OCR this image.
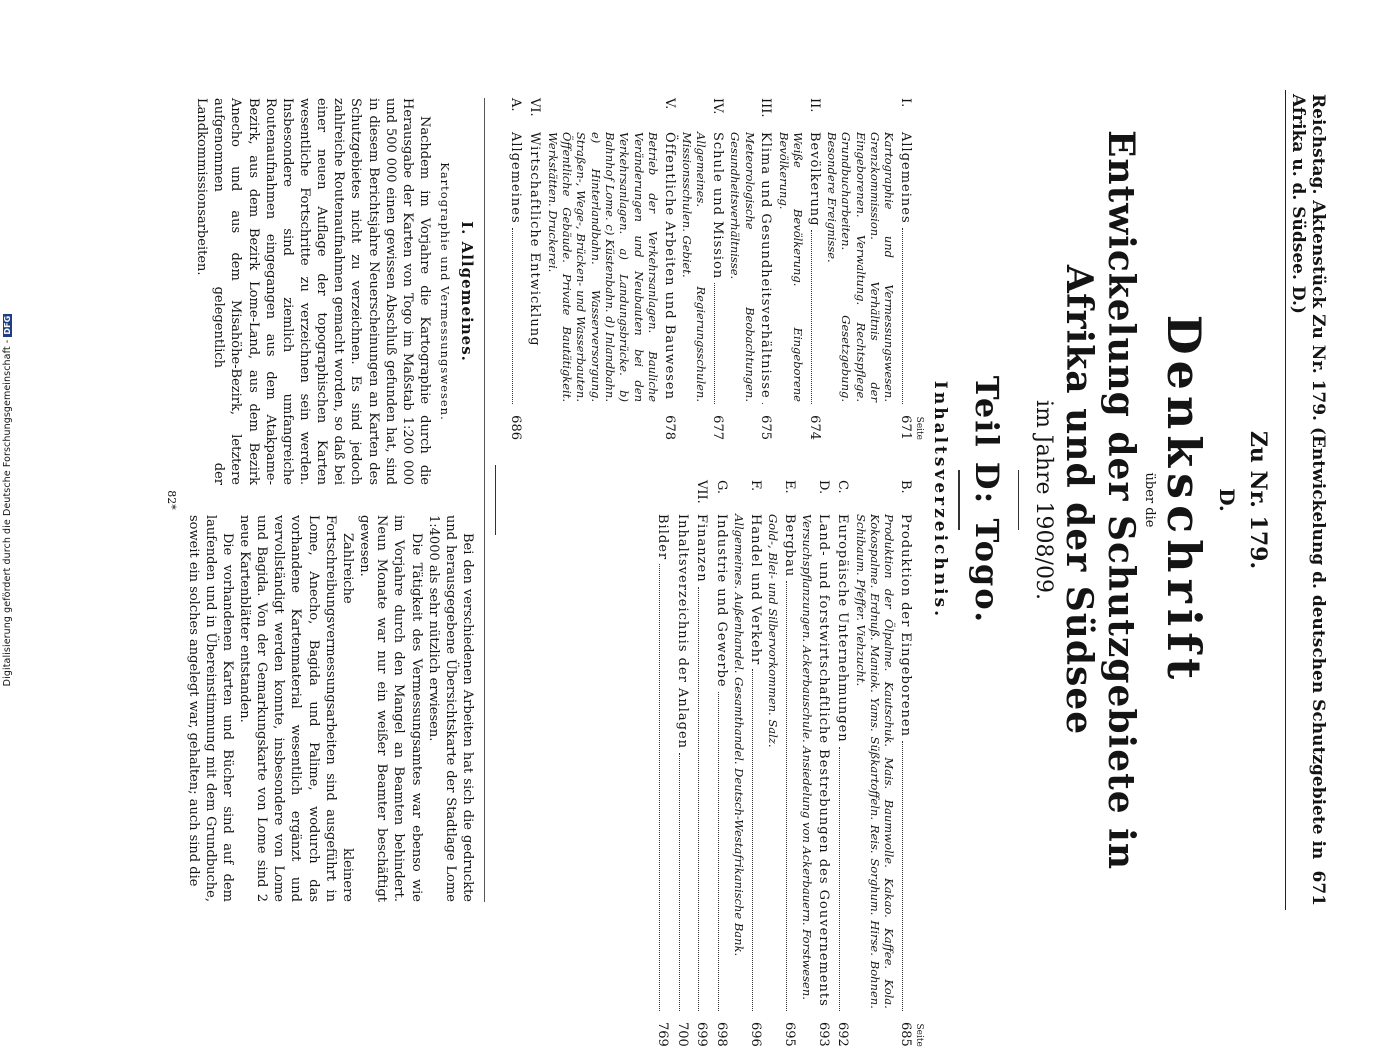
Digitalisierung gefördert durch die Deutsche Forschungsgemeinschaft -DFG	Reichstag. Aktenstück Zu Nr. 179. (Entwickelung d. deutschen Schutzgebiete in Afrika u. d. Südsee. D.)
671
Zu Nr. 179.
D.
Denkschrift
über die
Entwickelung der Schutzgebiete in Afrika und der Südsee
im Jahre 1908/09.
Teil D: Togo.
Inhaltsverzeichnis.
Seite
I.
Allgemeines
671
Kartographie und Vermessungswesen. Grenzkommission. Verhältnis der Eingeborenen. Verwaltung. Rechtspflege. Grundbucharbeiten. Gesetzgebung. Besondere Ereignisse.
II.
Bevölkerung
674
Weiße Bevölkerung. Eingeborene Bevölkerung.
III.
Klima und Gesundheitsverhältnisse
675
Meteorologische Beobachtungen. Gesundheitsverhältnisse.
IV.
Schule und Mission
677
Allgemeines. Regierungsschulen. Missionsschulen. Gebiet.
V.
Öffentliche Arbeiten und Bauwesen
678
Betrieb der Verkehrsanlagen. Bauliche Veränderungen und Neubauten bei den Verkehrsanlagen. a) Landungsbrücke. b) Bahnhof Lome. c) Küstenbahn. d) Inlandbahn. e) Hinterlandbahn. Wasserversorgung. Straßen-, Wege-, Brücken- und Wasserbauten. Öffentliche Gebäude. Private Bautätigkeit. Werkstätten. Druckerei.
VI.
Wirtschaftliche Entwicklung
A.
Allgemeines
686
Seite
B.
Produktion der Eingeborenen
685
Produktion der Ölpalme. Kautschuk. Mais. Baumwolle. Kakao. Kaffee. Kola. Kokospalme. Erdnuß. Maniok. Yams. Süßkartoffeln. Reis. Sorghum. Hirse. Bohnen. Schibaum. Pfeffer. Viehzucht.
C.
Europäische Unternehmungen
692
D.
Land- und forstwirtschaftliche Bestrebungen des Gouvernements
693
Versuchspflanzungen. Ackerbauschule. Ansiedelung von Ackerbauern. Forstwesen.
E.
Bergbau
695
Gold-, Blei- und Silbervorkommen. Salz.
F.
Handel und Verkehr
696
Allgemeines. Außenhandel. Gesamthandel. Deutsch-Westafrikanische Bank.
G.
Industrie und Gewerbe
698
VII.
Finanzen
699
Inhaltsverzeichnis der Anlagen
700
Bilder
769
I. Allgemeines.
Kartographie und Vermessungswesen.

Nachdem im Vorjahre die Kartographie durch die Herausgabe der Karten von Togo im Maßstab 1:200 000 und 500 000 einen gewissen Abschluß gefunden hat, sind in diesem Berichtsjahre Neuerscheinungen an Karten des Schutzgebietes nicht zu verzeichnen. Es sind jedoch zahlreiche Routenaufnahmen gemacht worden, so daß bei einer neuen Auflage der topographischen Karten wesentliche Fortschritte zu verzeichnen sein werden. Insbesondere sind ziemlich umfangreiche Routenaufnahmen eingegangen aus dem Atakpame-Bezirk, aus dem Bezirk Lome-Land, aus dem Bezirk Anecho und aus dem Misahöhe-Bezirk, letztere aufgenommen gelegentlich der Landkommissionsarbeiten.

Bei den verschiedenen Arbeiten hat sich die gedruckte und herausgegebene Übersichtskarte der Stadtlage Lome 1:4000 als sehr nützlich erwiesen.

Die Tätigkeit des Vermessungsamtes war ebenso wie im Vorjahre durch den Mangel an Beamten behindert. Neun Monate war nur ein weißer Beamter beschäftigt gewesen.

Zahlreiche kleinere Fortschreibungsvermessungsarbeiten sind ausgeführt in Lome, Anecho, Bagida und Palime, wodurch das vorhandene Kartenmaterial wesentlich ergänzt und vervollständigt werden konnte, insbesondere von Lome und Bagida. Von der Gemarkungskarte von Lome sind 2 neue Kartenblätter entstanden.

Die vorhandenen Karten und Bücher sind auf dem laufenden und in Übereinstimmung mit dem Grundbuche, soweit ein solches angelegt war, gehalten; auch sind die

82*
